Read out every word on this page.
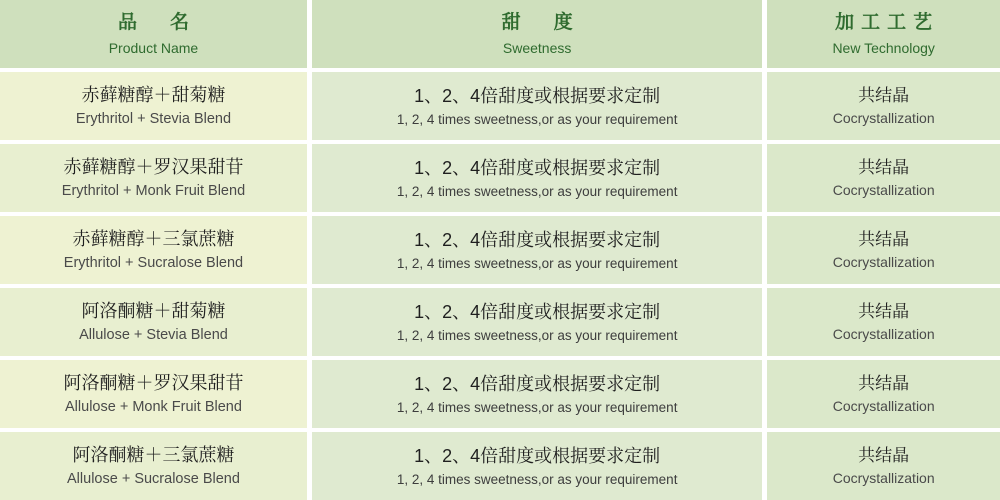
品　名
Product Name
甜　度
Sweetness
加工工艺
New Technology
赤藓糖醇＋甜菊糖
Erythritol + Stevia Blend
1、2、4倍甜度或根据要求定制
1, 2, 4 times sweetness,or as your requirement
共结晶
Cocrystallization
赤藓糖醇＋罗汉果甜苷
Erythritol + Monk Fruit Blend
1、2、4倍甜度或根据要求定制
1, 2, 4 times sweetness,or as your requirement
共结晶
Cocrystallization
赤藓糖醇＋三氯蔗糖
Erythritol + Sucralose Blend
1、2、4倍甜度或根据要求定制
1, 2, 4 times sweetness,or as your requirement
共结晶
Cocrystallization
阿洛酮糖＋甜菊糖
Allulose + Stevia Blend
1、2、4倍甜度或根据要求定制
1, 2, 4 times sweetness,or as your requirement
共结晶
Cocrystallization
阿洛酮糖＋罗汉果甜苷
Allulose + Monk Fruit Blend
1、2、4倍甜度或根据要求定制
1, 2, 4 times sweetness,or as your requirement
共结晶
Cocrystallization
阿洛酮糖＋三氯蔗糖
Allulose + Sucralose Blend
1、2、4倍甜度或根据要求定制
1, 2, 4 times sweetness,or as your requirement
共结晶
Cocrystallization
